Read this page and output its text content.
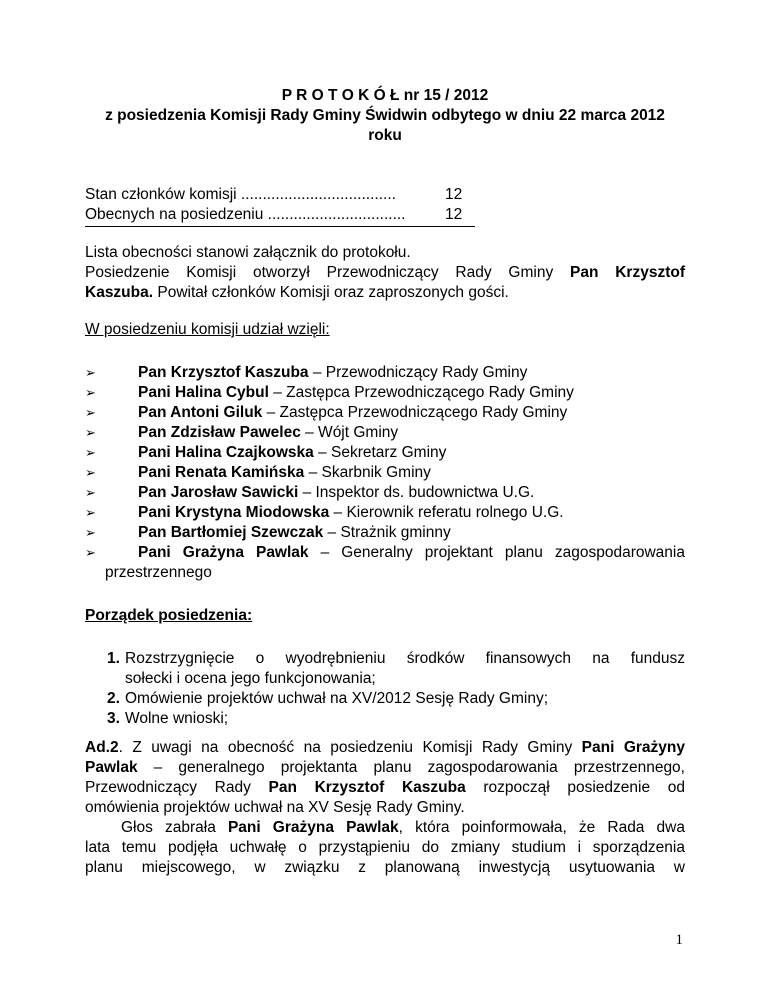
P R O T O K Ó Ł nr 15 / 2012
z posiedzenia Komisji Rady Gminy Świdwin odbytego w dniu 22 marca 2012
roku
Stan członków komisji ....................................	12
Obecnych na posiedzeniu ................................	12
Lista obecności stanowi załącznik do protokołu.
Posiedzenie Komisji otworzył Przewodniczący Rady Gminy Pan Krzysztof
Kaszuba. Powitał członków Komisji oraz zaproszonych gości.
W posiedzeniu komisji udział wzięli:
➢	Pan Krzysztof Kaszuba – Przewodniczący Rady Gminy
➢	Pani Halina Cybul – Zastępca Przewodniczącego Rady Gminy
➢	Pan Antoni Giluk – Zastępca Przewodniczącego Rady Gminy
➢	Pan Zdzisław Pawelec – Wójt Gminy
➢	Pani Halina Czajkowska – Sekretarz Gminy
➢	Pani Renata Kamińska – Skarbnik Gminy
➢	Pan Jarosław Sawicki – Inspektor ds. budownictwa U.G.
➢	Pani Krystyna Miodowska – Kierownik referatu rolnego U.G.
➢	Pan Bartłomiej Szewczak – Strażnik gminny
➢	Pani Grażyna Pawlak – Generalny projektant planu zagospodarowania
przestrzennego
Porządek posiedzenia:
1. Rozstrzygnięcie o wyodrębnieniu środków finansowych na fundusz
sołecki i ocena jego funkcjonowania;
2. Omówienie projektów uchwał na XV/2012 Sesję Rady Gminy;
3. Wolne wnioski;
Ad.2. Z uwagi na obecność na posiedzeniu Komisji Rady Gminy Pani Grażyny
Pawlak – generalnego projektanta planu zagospodarowania przestrzennego,
Przewodniczący Rady Pan Krzysztof Kaszuba rozpoczął posiedzenie od
omówienia projektów uchwał na XV Sesję Rady Gminy.
Głos zabrała Pani Grażyna Pawlak, która poinformowała, że Rada dwa
lata temu podjęła uchwałę o przystąpieniu do zmiany studium i sporządzenia
planu miejscowego, w związku z planowaną inwestycją usytuowania w
1
